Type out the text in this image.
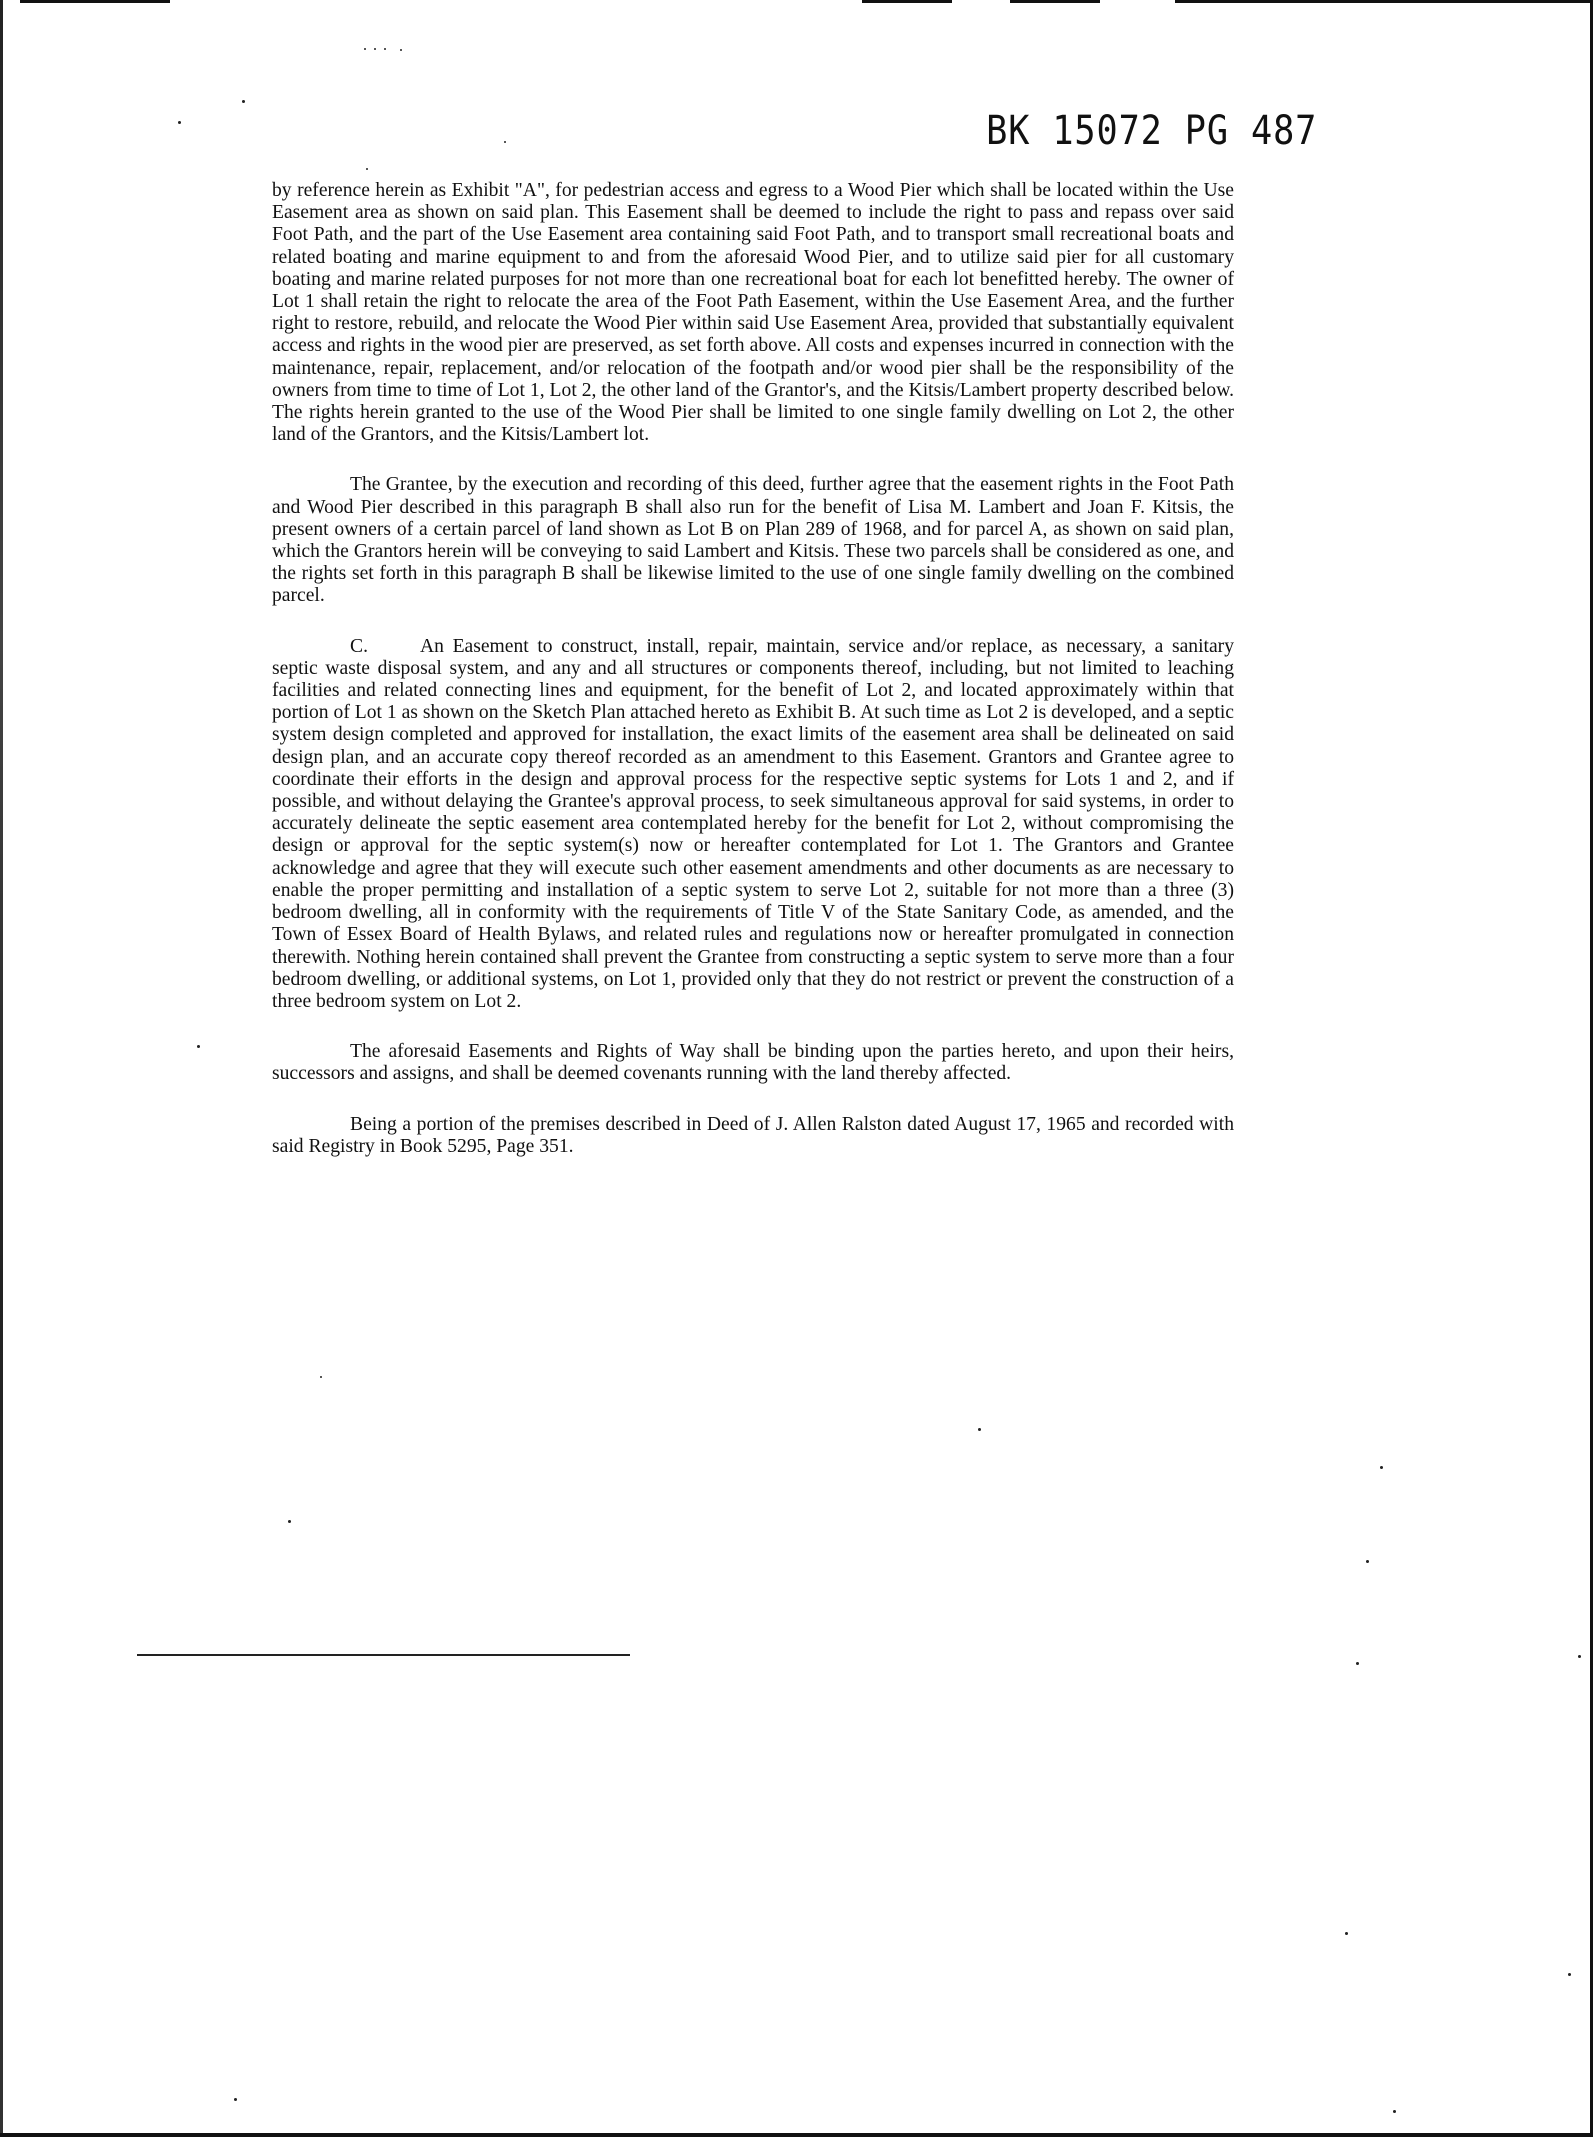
BK 15072 PG 487

by reference herein as Exhibit "A", for pedestrian access and egress to a Wood Pier which shall be located within the Use Easement area as shown on said plan. This Easement shall be deemed to include the right to pass and repass over said Foot Path, and the part of the Use Easement area containing said Foot Path, and to transport small recreational boats and related boating and marine equipment to and from the aforesaid Wood Pier, and to utilize said pier for all customary boating and marine related purposes for not more than one recreational boat for each lot benefitted hereby. The owner of Lot 1 shall retain the right to relocate the area of the Foot Path Easement, within the Use Easement Area, and the further right to restore, rebuild, and relocate the Wood Pier within said Use Easement Area, provided that substantially equivalent access and rights in the wood pier are preserved, as set forth above. All costs and expenses incurred in connection with the maintenance, repair, replacement, and/or relocation of the footpath and/or wood pier shall be the responsibility of the owners from time to time of Lot 1, Lot 2, the other land of the Grantor's, and the Kitsis/Lambert property described below. The rights herein granted to the use of the Wood Pier shall be limited to one single family dwelling on Lot 2, the other land of the Grantors, and the Kitsis/Lambert lot.

The Grantee, by the execution and recording of this deed, further agree that the easement rights in the Foot Path and Wood Pier described in this paragraph B shall also run for the benefit of Lisa M. Lambert and Joan F. Kitsis, the present owners of a certain parcel of land shown as Lot B on Plan 289 of 1968, and for parcel A, as shown on said plan, which the Grantors herein will be conveying to said Lambert and Kitsis. These two parcels shall be considered as one, and the rights set forth in this paragraph B shall be likewise limited to the use of one single family dwelling on the combined parcel.

C.	An Easement to construct, install, repair, maintain, service and/or replace, as necessary, a sanitary septic waste disposal system, and any and all structures or components thereof, including, but not limited to leaching facilities and related connecting lines and equipment, for the benefit of Lot 2, and located approximately within that portion of Lot 1 as shown on the Sketch Plan attached hereto as Exhibit B. At such time as Lot 2 is developed, and a septic system design completed and approved for installation, the exact limits of the easement area shall be delineated on said design plan, and an accurate copy thereof recorded as an amendment to this Easement. Grantors and Grantee agree to coordinate their efforts in the design and approval process for the respective septic systems for Lots 1 and 2, and if possible, and without delaying the Grantee's approval process, to seek simultaneous approval for said systems, in order to accurately delineate the septic easement area contemplated hereby for the benefit for Lot 2, without compromising the design or approval for the septic system(s) now or hereafter contemplated for Lot 1. The Grantors and Grantee acknowledge and agree that they will execute such other easement amendments and other documents as are necessary to enable the proper permitting and installation of a septic system to serve Lot 2, suitable for not more than a three (3) bedroom dwelling, all in conformity with the requirements of Title V of the State Sanitary Code, as amended, and the Town of Essex Board of Health Bylaws, and related rules and regulations now or hereafter promulgated in connection therewith. Nothing herein contained shall prevent the Grantee from constructing a septic system to serve more than a four bedroom dwelling, or additional systems, on Lot 1, provided only that they do not restrict or prevent the construction of a three bedroom system on Lot 2.

The aforesaid Easements and Rights of Way shall be binding upon the parties hereto, and upon their heirs, successors and assigns, and shall be deemed covenants running with the land thereby affected.

Being a portion of the premises described in Deed of J. Allen Ralston dated August 17, 1965 and recorded with said Registry in Book 5295, Page 351.
